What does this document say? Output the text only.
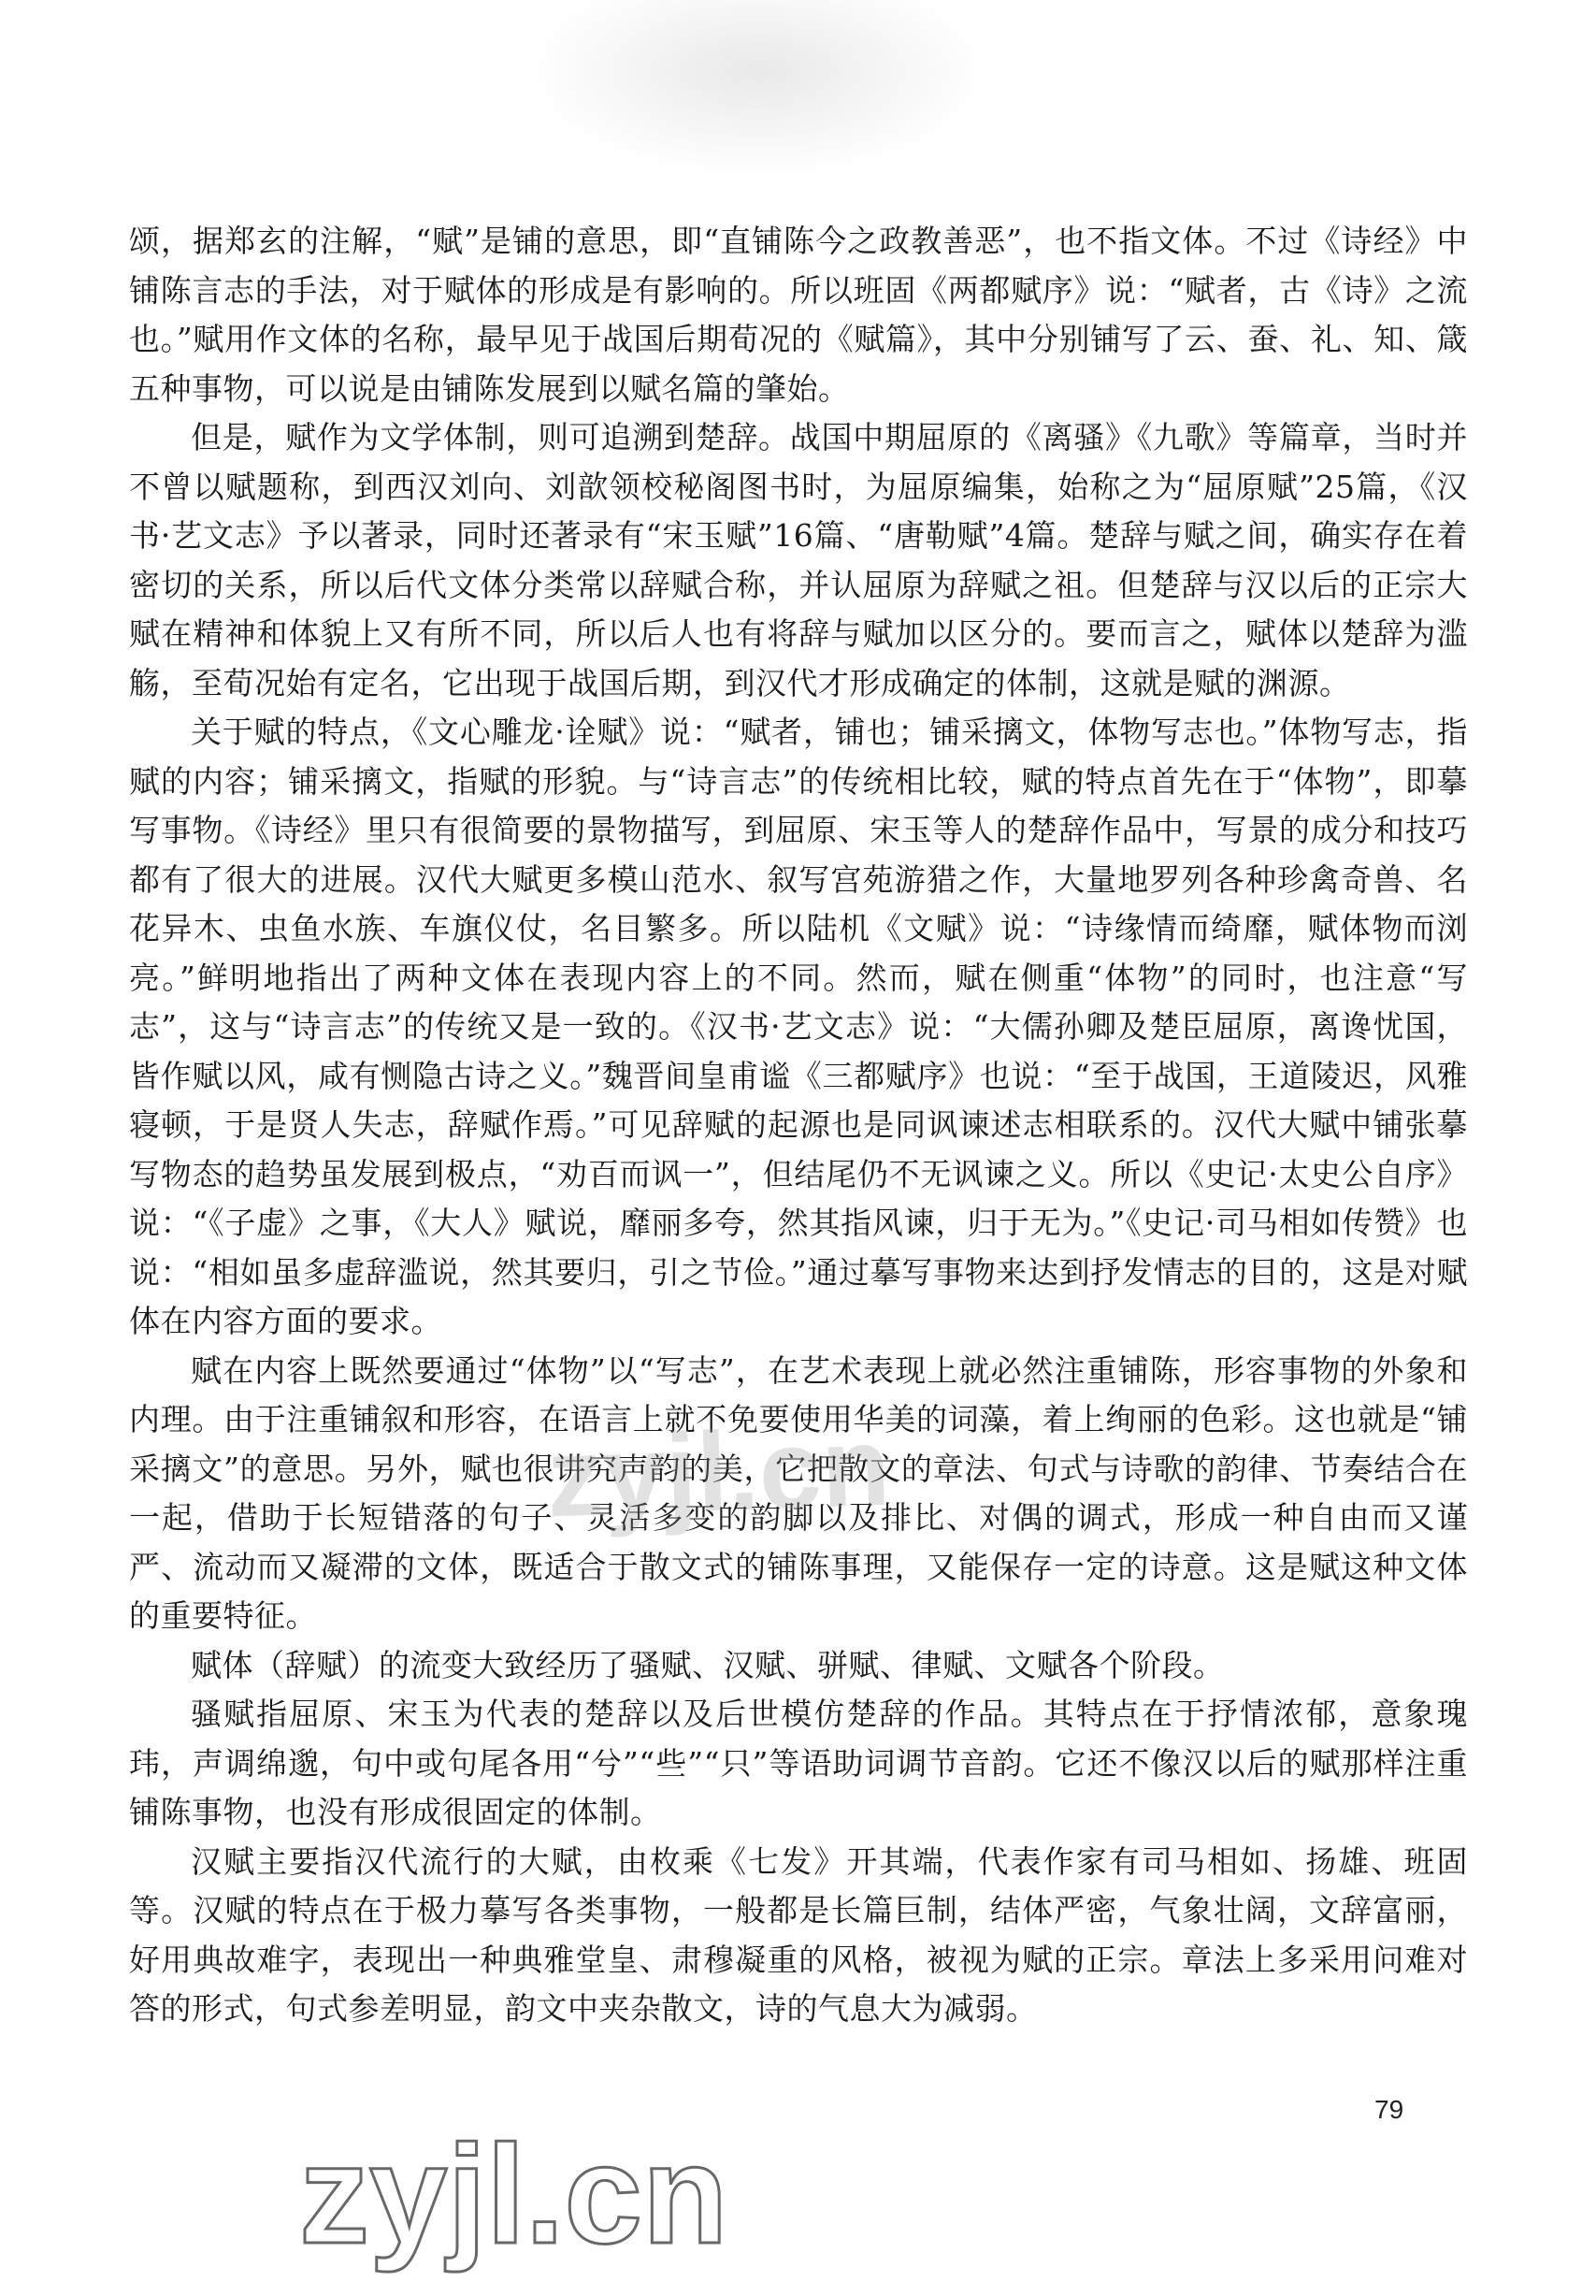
颂，据郑玄的注解，“赋”是铺的意思，即“直铺陈今之政教善恶”，也不指文体。不过《诗经》中铺陈言志的手法，对于赋体的形成是有影响的。所以班固《两都赋序》说：“赋者，古《诗》之流也。”赋用作文体的名称，最早见于战国后期荀况的《赋篇》，其中分别铺写了云、蚕、礼、知、箴五种事物，可以说是由铺陈发展到以赋名篇的肇始。

但是，赋作为文学体制，则可追溯到楚辞。战国中期屈原的《离骚》《九歌》等篇章，当时并不曾以赋题称，到西汉刘向、刘歆领校秘阁图书时，为屈原编集，始称之为“屈原赋”25篇，《汉书·艺文志》予以著录，同时还著录有“宋玉赋”16篇、“唐勒赋”4篇。楚辞与赋之间，确实存在着密切的关系，所以后代文体分类常以辞赋合称，并认屈原为辞赋之祖。但楚辞与汉以后的正宗大赋在精神和体貌上又有所不同，所以后人也有将辞与赋加以区分的。要而言之，赋体以楚辞为滥觞，至荀况始有定名，它出现于战国后期，到汉代才形成确定的体制，这就是赋的渊源。

关于赋的特点，《文心雕龙·诠赋》说：“赋者，铺也；铺采摛文，体物写志也。”体物写志，指赋的内容；铺采摛文，指赋的形貌。与“诗言志”的传统相比较，赋的特点首先在于“体物”，即摹写事物。《诗经》里只有很简要的景物描写，到屈原、宋玉等人的楚辞作品中，写景的成分和技巧都有了很大的进展。汉代大赋更多模山范水、叙写宫苑游猎之作，大量地罗列各种珍禽奇兽、名花异木、虫鱼水族、车旗仪仗，名目繁多。所以陆机《文赋》说：“诗缘情而绮靡，赋体物而浏亮。”鲜明地指出了两种文体在表现内容上的不同。然而，赋在侧重“体物”的同时，也注意“写志”，这与“诗言志”的传统又是一致的。《汉书·艺文志》说：“大儒孙卿及楚臣屈原，离谗忧国，皆作赋以风，咸有恻隐古诗之义。”魏晋间皇甫谧《三都赋序》也说：“至于战国，王道陵迟，风雅寝顿，于是贤人失志，辞赋作焉。”可见辞赋的起源也是同讽谏述志相联系的。汉代大赋中铺张摹写物态的趋势虽发展到极点，“劝百而讽一”，但结尾仍不无讽谏之义。所以《史记·太史公自序》说：“《子虚》之事，《大人》赋说，靡丽多夸，然其指风谏，归于无为。”《史记·司马相如传赞》也说：“相如虽多虚辞滥说，然其要归，引之节俭。”通过摹写事物来达到抒发情志的目的，这是对赋体在内容方面的要求。

赋在内容上既然要通过“体物”以“写志”，在艺术表现上就必然注重铺陈，形容事物的外象和内理。由于注重铺叙和形容，在语言上就不免要使用华美的词藻，着上绚丽的色彩。这也就是“铺采摛文”的意思。另外，赋也很讲究声韵的美，它把散文的章法、句式与诗歌的韵律、节奏结合在一起，借助于长短错落的句子、灵活多变的韵脚以及排比、对偶的调式，形成一种自由而又谨严、流动而又凝滞的文体，既适合于散文式的铺陈事理，又能保存一定的诗意。这是赋这种文体的重要特征。

赋体（辞赋）的流变大致经历了骚赋、汉赋、骈赋、律赋、文赋各个阶段。

骚赋指屈原、宋玉为代表的楚辞以及后世模仿楚辞的作品。其特点在于抒情浓郁，意象瑰玮，声调绵邈，句中或句尾各用“兮”“些”“只”等语助词调节音韵。它还不像汉以后的赋那样注重铺陈事物，也没有形成很固定的体制。

汉赋主要指汉代流行的大赋，由枚乘《七发》开其端，代表作家有司马相如、扬雄、班固等。汉赋的特点在于极力摹写各类事物，一般都是长篇巨制，结体严密，气象壮阔，文辞富丽，好用典故难字，表现出一种典雅堂皇、肃穆凝重的风格，被视为赋的正宗。章法上多采用问难对答的形式，句式参差明显，韵文中夹杂散文，诗的气息大为减弱。

zyjl.cn
zyjl.cn
79
